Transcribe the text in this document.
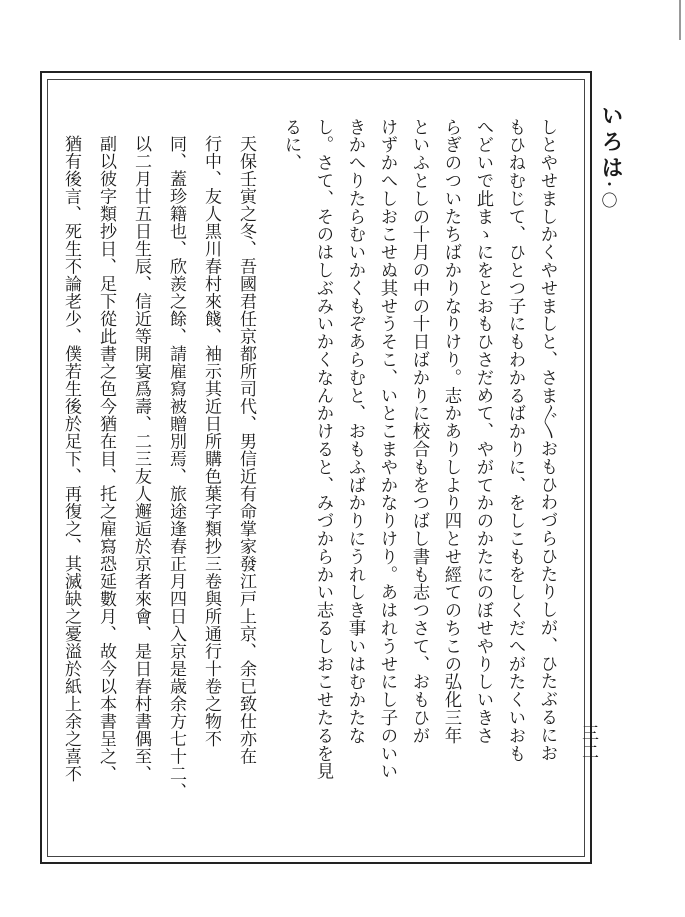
いろは
・〇
三二
しとやせましかくやせましと、さま〴〵おもひわづらひたりしが、ひたぶるにお
もひねむじて、ひとつ子にもわかるばかりに、をしこもをしくだへがたくいおも
へどいで此まゝにをとおもひさだめて、やがてかのかたにのぼせやりしいきさ
らぎのついたちばかりなりけり。志かありしより四とせ經てのちこの弘化三年
といふとしの十月の中の十日ばかりに校合もをつばし書も志つさて、おもひが
けずかへしおこせぬ其せうそこ、いとこまやかなりけり。あはれうせにし子のいい
きかへりたらむいかくもぞあらむと、おもふばかりにうれしき事いはむかたな
し。さて、そのはしぶみいかくなんかけると、みづからかい志るしおこせたるを見
るに、
天保壬寅之冬、吾國君任京都所司代、男信近有命掌家發江戸上京、余已致仕亦在
行中、友人黒川春村來餞、袖示其近日所購色葉字類抄三卷與所通行十卷之物不
同、蓋珍籍也、欣羨之餘、請雇寫被贈別焉、旅途逢春正月四日入京是歳余方七十二、
以二月廿五日生辰、信近等開宴爲壽、二三友人邂逅於京者來會、是日春村書偶至、
副以彼字類抄日、足下從此書之色今猶在目、托之雇寫恐延數月、故今以本書呈之、
猶有後言、死生不論老少、僕若生後於足下、再復之、其滅缺之憂溢於紙上余之喜不
